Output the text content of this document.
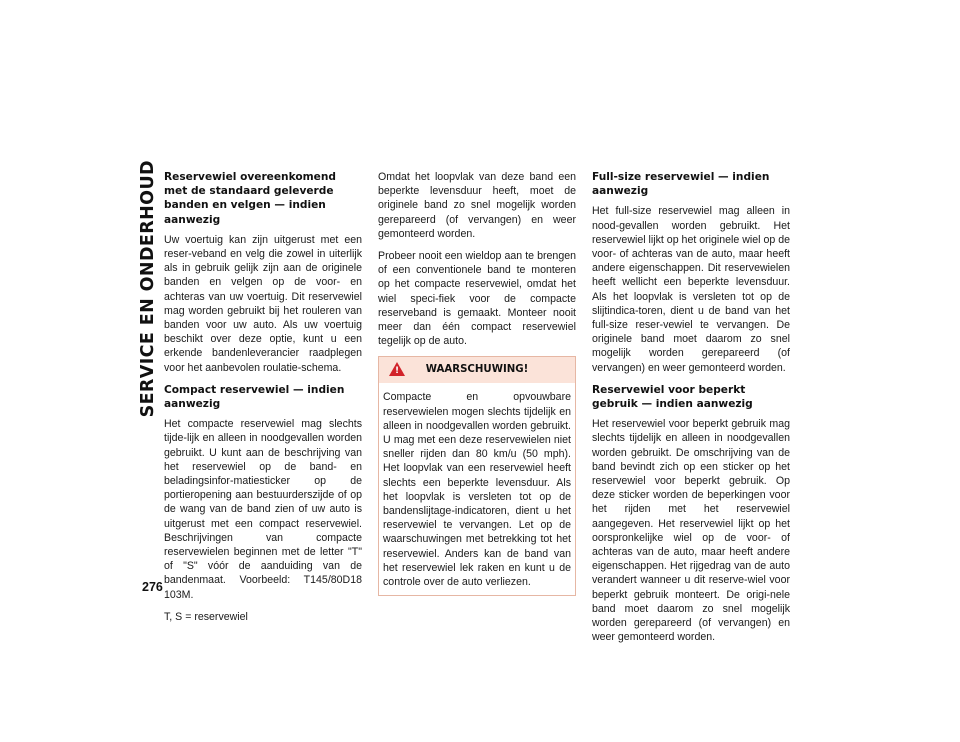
SERVICE EN ONDERHOUD
276
Reservewiel overeenkomend met de standaard geleverde banden en velgen — indien aanwezig

Uw voertuig kan zijn uitgerust met een reser-veband en velg die zowel in uiterlijk als in gebruik gelijk zijn aan de originele banden en velgen op de voor- en achteras van uw voertuig. Dit reservewiel mag worden gebruikt bij het rouleren van banden voor uw auto. Als uw voertuig beschikt over deze optie, kunt u een erkende bandenleverancier raadplegen voor het aanbevolen roulatie-schema.

Compact reservewiel — indien aanwezig

Het compacte reservewiel mag slechts tijde-lijk en alleen in noodgevallen worden gebruikt. U kunt aan de beschrijving van het reservewiel op de band- en beladingsinfor-matiesticker op de portieropening aan bestuurderszijde of op de wang van de band zien of uw auto is uitgerust met een compact reservewiel. Beschrijvingen van compacte reservewielen beginnen met de letter "T" of "S" vóór de aanduiding van de bandenmaat. Voorbeeld: T145/80D18 103M.

T, S = reservewiel

Omdat het loopvlak van deze band een beperkte levensduur heeft, moet de originele band zo snel mogelijk worden gerepareerd (of vervangen) en weer gemonteerd worden.

Probeer nooit een wieldop aan te brengen of een conventionele band te monteren op het compacte reservewiel, omdat het wiel speci-fiek voor de compacte reserveband is gemaakt. Monteer nooit meer dan één compact reservewiel tegelijk op de auto.

!
WAARSCHUWING!

Compacte en opvouwbare reservewielen mogen slechts tijdelijk en alleen in noodgevallen worden gebruikt. U mag met een deze reservewielen niet sneller rijden dan 80 km/u (50 mph). Het loopvlak van een reservewiel heeft slechts een beperkte levensduur. Als het loopvlak is versleten tot op de bandenslijtage-indicatoren, dient u het reservewiel te vervangen. Let op de waarschuwingen met betrekking tot het reservewiel. Anders kan de band van het reservewiel lek raken en kunt u de controle over de auto verliezen.

Full-size reservewiel — indien aanwezig

Het full-size reservewiel mag alleen in nood-gevallen worden gebruikt. Het reservewiel lijkt op het originele wiel op de voor- of achteras van de auto, maar heeft andere eigenschappen. Dit reservewielen heeft wellicht een beperkte levensduur. Als het loopvlak is versleten tot op de slijtindica-toren, dient u de band van het full-size reser-vewiel te vervangen. De originele band moet daarom zo snel mogelijk worden gerepareerd (of vervangen) en weer gemonteerd worden.

Reservewiel voor beperkt gebruik — indien aanwezig

Het reservewiel voor beperkt gebruik mag slechts tijdelijk en alleen in noodgevallen worden gebruikt. De omschrijving van de band bevindt zich op een sticker op het reservewiel voor beperkt gebruik. Op deze sticker worden de beperkingen voor het rijden met het reservewiel aangegeven. Het reservewiel lijkt op het oorspronkelijke wiel op de voor- of achteras van de auto, maar heeft andere eigenschappen. Het rijgedrag van de auto verandert wanneer u dit reserve-wiel voor beperkt gebruik monteert. De origi-nele band moet daarom zo snel mogelijk worden gerepareerd (of vervangen) en weer gemonteerd worden.
